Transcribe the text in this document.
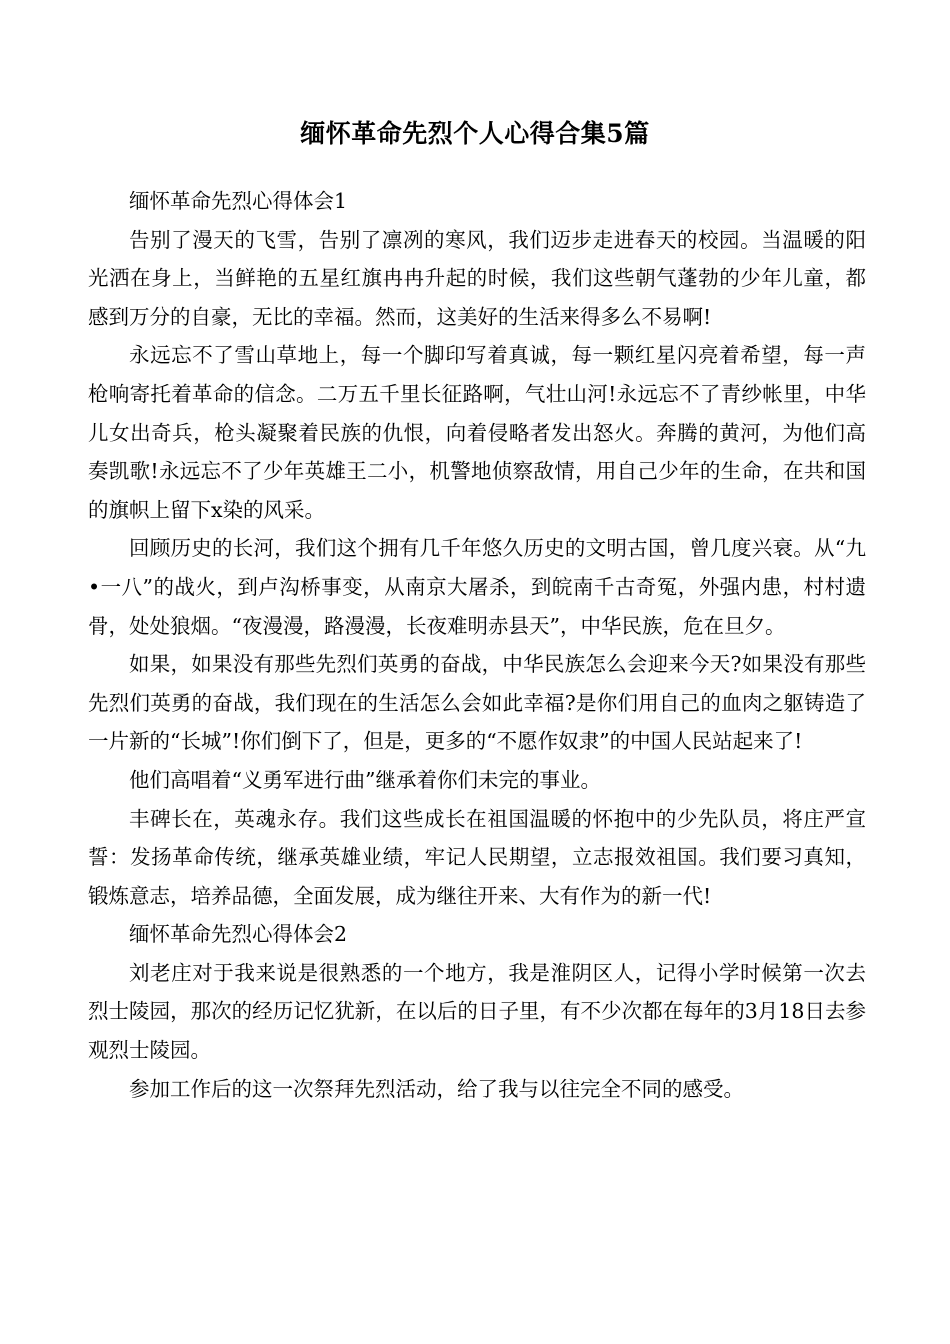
缅怀革命先烈个人心得合集5篇

缅怀革命先烈心得体会1

告别了漫天的飞雪，告别了凛冽的寒风，我们迈步走进春天的校园。当温暖的阳光洒在身上，当鲜艳的五星红旗冉冉升起的时候，我们这些朝气蓬勃的少年儿童，都感到万分的自豪，无比的幸福。然而，这美好的生活来得多么不易啊!

永远忘不了雪山草地上，每一个脚印写着真诚，每一颗红星闪亮着希望，每一声枪响寄托着革命的信念。二万五千里长征路啊，气壮山河!永远忘不了青纱帐里，中华儿女出奇兵，枪头凝聚着民族的仇恨，向着侵略者发出怒火。奔腾的黄河，为他们高奏凯歌!永远忘不了少年英雄王二小，机警地侦察敌情，用自己少年的生命，在共和国的旗帜上留下x染的风采。

回顾历史的长河，我们这个拥有几千年悠久历史的文明古国，曾几度兴衰。从“九•一八”的战火，到卢沟桥事变，从南京大屠杀，到皖南千古奇冤，外强内患，村村遗骨，处处狼烟。“夜漫漫，路漫漫，长夜难明赤县天”，中华民族，危在旦夕。

如果，如果没有那些先烈们英勇的奋战，中华民族怎么会迎来今天?如果没有那些先烈们英勇的奋战，我们现在的生活怎么会如此幸福?是你们用自己的血肉之躯铸造了一片新的“长城”!你们倒下了，但是，更多的“不愿作奴隶”的中国人民站起来了!

他们高唱着“义勇军进行曲”继承着你们未完的事业。

丰碑长在，英魂永存。我们这些成长在祖国温暖的怀抱中的少先队员，将庄严宣誓：发扬革命传统，继承英雄业绩，牢记人民期望，立志报效祖国。我们要习真知，锻炼意志，培养品德，全面发展，成为继往开来、大有作为的新一代!

缅怀革命先烈心得体会2

刘老庄对于我来说是很熟悉的一个地方，我是淮阴区人，记得小学时候第一次去烈士陵园，那次的经历记忆犹新，在以后的日子里，有不少次都在每年的3月18日去参观烈士陵园。

参加工作后的这一次祭拜先烈活动，给了我与以往完全不同的感受。
